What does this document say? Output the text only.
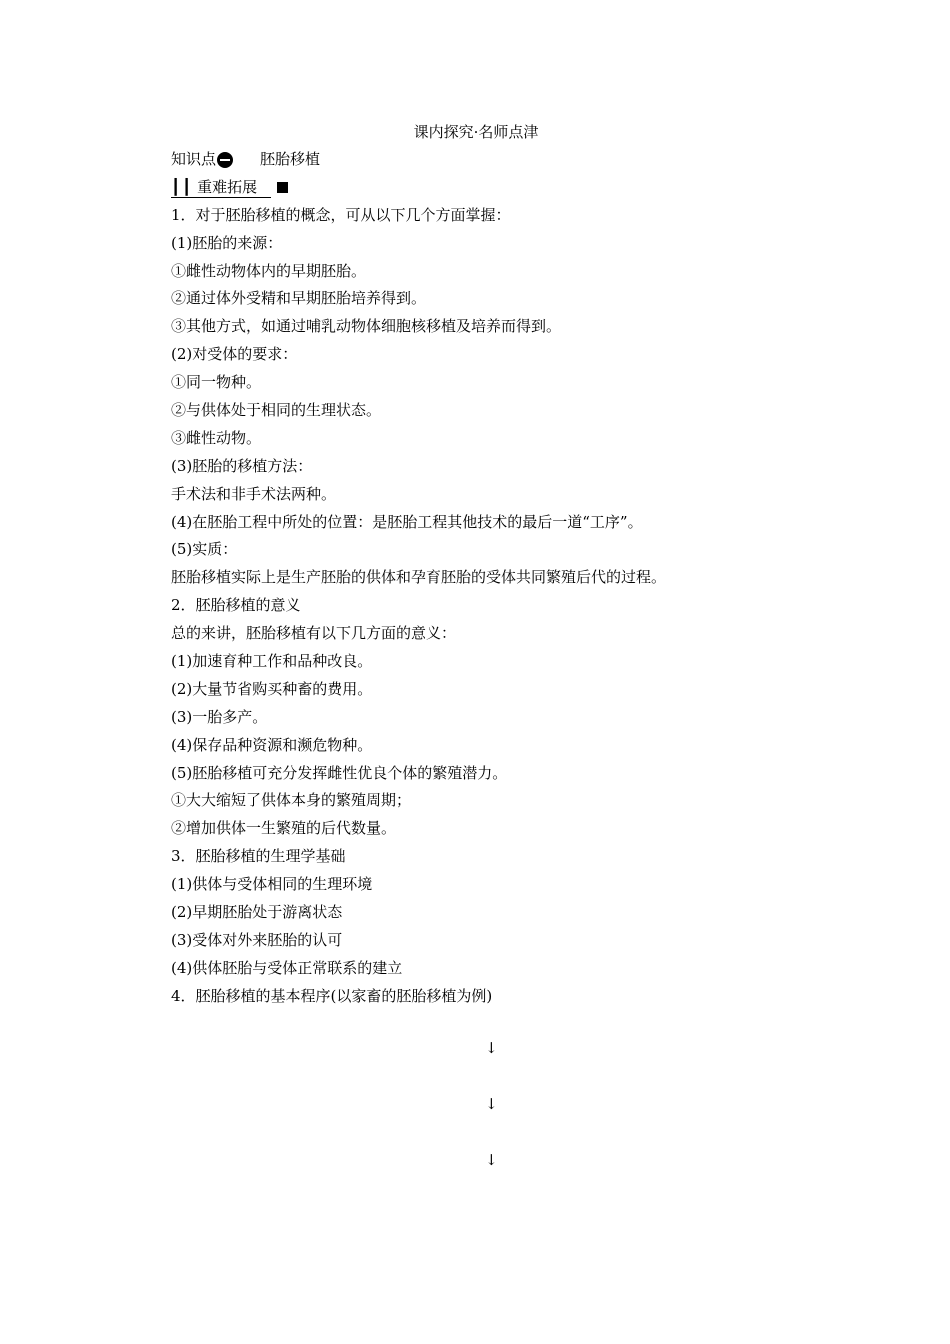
课内探究·名师点津
知识点	胚胎移植
┃┃ 重难拓展
1．对于胚胎移植的概念，可从以下几个方面掌握：
(1)胚胎的来源：
①雌性动物体内的早期胚胎。
②通过体外受精和早期胚胎培养得到。
③其他方式，如通过哺乳动物体细胞核移植及培养而得到。
(2)对受体的要求：
①同一物种。
②与供体处于相同的生理状态。
③雌性动物。
(3)胚胎的移植方法：
手术法和非手术法两种。
(4)在胚胎工程中所处的位置：是胚胎工程其他技术的最后一道“工序”。
(5)实质：
胚胎移植实际上是生产胚胎的供体和孕育胚胎的受体共同繁殖后代的过程。
2．胚胎移植的意义
总的来讲，胚胎移植有以下几方面的意义：
(1)加速育种工作和品种改良。
(2)大量节省购买种畜的费用。
(3)一胎多产。
(4)保存品种资源和濒危物种。
(5)胚胎移植可充分发挥雌性优良个体的繁殖潜力。
①大大缩短了供体本身的繁殖周期；
②增加供体一生繁殖的后代数量。
3．胚胎移植的生理学基础
(1)供体与受体相同的生理环境
(2)早期胚胎处于游离状态
(3)受体对外来胚胎的认可
(4)供体胚胎与受体正常联系的建立
4．胚胎移植的基本程序(以家畜的胚胎移植为例)
↓
↓
↓
